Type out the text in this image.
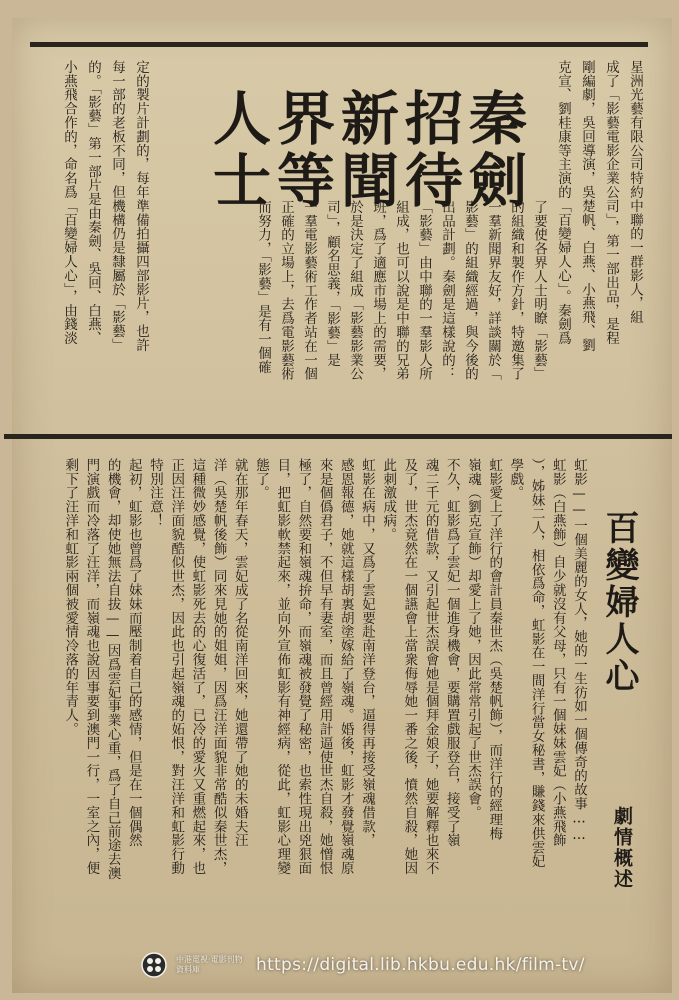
秦劍
招待
新聞
界等
人士	星洲光藝有限公司特約中聯的一群影人，組
成了「影藝電影企業公司」，第一部出品，是程
剛編劇，吳回導演，吳楚帆、白燕、小燕飛、劉
克宣、劉桂康等主演的「百變婦人心」。秦劍爲
了要使各界人士明瞭「影藝」
的組織和製作方針，特邀集了
一羣新聞界友好，詳談關於「
影藝」的組織經過，與今後的
出品計劃。秦劍是這樣說的：
「影藝」由中聯的一羣影人所
組成，也可以說是中聯的兄弟
班，爲了適應市場上的需要，
於是決定了組成「影藝影業公
司」，顧名思義，「影藝」是
一羣電影藝術工作者站在一個
正確的立場上，去爲電影藝術
而努力，「影藝」是有一個確
定的製片計劃的，每年準備拍攝四部影片，也許
每一部的老板不同，但機構仍是隸屬於「影藝」
的。「影藝」第一部片是由秦劍、吳回、白燕、
小燕飛合作的，命名爲「百變婦人心」，由錢淡
百變婦人心
劇情概述
虹影——一個美麗的女人，她的一生彷如一個傳奇的故事……
虹影（白燕飾）自少就沒有父母，只有一個妹妹雲妃（小燕飛飾
），姊妹二人，相依爲命，虹影在一間洋行當女秘書，賺錢來供雲妃
學戲。
虹影愛上了洋行的會計員秦世杰（吳楚帆飾），而洋行的經理梅
嶺魂（劉克宣飾）却愛上了她，因此常常引起了世杰誤會。
不久，虹影爲了雲妃一個進身機會，要購置戲服登台，接受了嶺
魂二千元的借款，又引起世杰誤會她是個拜金娘子，她要解釋也來不
及了，世杰竟然在一個讌會上當衆侮辱她一番之後，憤然自殺，她因
此刺激成病。
虹影在病中，又爲了雲妃要赴南洋登台，逼得再接受嶺魂借款，
感恩報德，她就這樣胡裏胡塗嫁給了嶺魂。婚後，虹影才發覺嶺魂原
來是個僞君子，不但早有妻室，而且曾經用計逼使世杰自殺，她憎恨
極了，自然要和嶺魂拚命，而嶺魂被發覺了秘密，也索性現出兇狠面
目，把虹影軟禁起來，並向外宣佈虹影有神經病，從此，虹影心理變
態了。
就在那年春天，雲妃成了名從南洋回來，她還帶了她的未婚夫汪
洋（吳楚帆後飾）同來見她的姐姐，因爲汪洋面貌非常酷似秦世杰，
這種微妙感覺，使虹影死去的心復活了，已冷的愛火又重燃起來，也
正因汪洋面貌酷似世杰，因此也引起嶺魂的妬恨，對汪洋和虹影行動
特別注意！
起初，虹影也曾爲了妹妹而壓制着自己的感情，但是在一個偶然
的機會，却使她無法自拔——因爲雲妃事業心重，爲了自己前途去澳
門演戲而冷落了汪洋，而嶺魂也說因事要到澳門一行，一室之內，便
剩下了汪洋和虹影兩個被愛情冷落的年青人。
中港電視·電影刊物資料庫	https://digital.lib.hkbu.edu.hk/film-tv/
